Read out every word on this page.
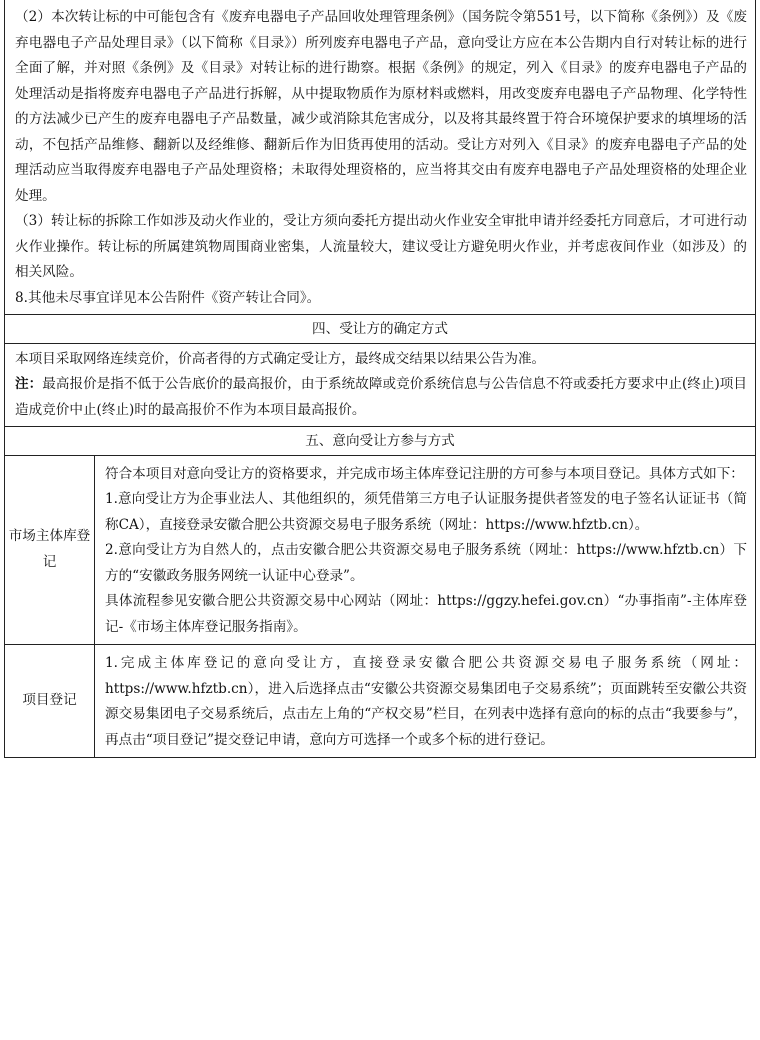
（2）本次转让标的中可能包含有《废弃电器电子产品回收处理管理条例》（国务院令第551号，以下简称《条例》）及《废弃电器电子产品处理目录》（以下简称《目录》）所列废弃电器电子产品，意向受让方应在本公告期内自行对转让标的进行全面了解，并对照《条例》及《目录》对转让标的进行勘察。根据《条例》的规定，列入《目录》的废弃电器电子产品的处理活动是指将废弃电器电子产品进行拆解，从中提取物质作为原材料或燃料，用改变废弃电器电子产品物理、化学特性的方法减少已产生的废弃电器电子产品数量，减少或消除其危害成分，以及将其最终置于符合环境保护要求的填埋场的活动，不包括产品维修、翻新以及经维修、翻新后作为旧货再使用的活动。受让方对列入《目录》的废弃电器电子产品的处理活动应当取得废弃电器电子产品处理资格；未取得处理资格的，应当将其交由有废弃电器电子产品处理资格的处理企业处理。

（3）转让标的拆除工作如涉及动火作业的，受让方须向委托方提出动火作业安全审批申请并经委托方同意后，才可进行动火作业操作。转让标的所属建筑物周围商业密集，人流量较大，建议受让方避免明火作业，并考虑夜间作业（如涉及）的相关风险。

8.其他未尽事宜详见本公告附件《资产转让合同》。	

四、受让方的确定方式	

本项目采取网络连续竞价，价高者得的方式确定受让方，最终成交结果以结果公告为准。

注：最高报价是指不低于公告底价的最高报价，由于系统故障或竞价系统信息与公告信息不符或委托方要求中止(终止)项目造成竞价中止(终止)时的最高报价不作为本项目最高报价。	

五、意向受让方参与方式	
市场主体库登记	符合本项目对意向受让方的资格要求，并完成市场主体库登记注册的方可参与本项目登记。具体方式如下：

1.意向受让方为企事业法人、其他组织的，须凭借第三方电子认证服务提供者签发的电子签名认证证书（简称CA），直接登录安徽合肥公共资源交易电子服务系统（网址：https://www.hfztb.cn）。

2.意向受让方为自然人的，点击安徽合肥公共资源交易电子服务系统（网址：https://www.hfztb.cn）下方的“安徽政务服务网统一认证中心登录”。

具体流程参见安徽合肥公共资源交易中心网站（网址：https://ggzy.hefei.gov.cn）“办事指南”-主体库登记-《市场主体库登记服务指南》。

项目登记	1.完成主体库登记的意向受让方，直接登录安徽合肥公共资源交易电子服务系统（网址：https://www.hfztb.cn），进入后选择点击“安徽公共资源交易集团电子交易系统”；页面跳转至安徽公共资源交易集团电子交易系统后，点击左上角的“产权交易”栏目，在列表中选择有意向的标的点击“我要参与”，再点击“项目登记”提交登记申请，意向方可选择一个或多个标的进行登记。
